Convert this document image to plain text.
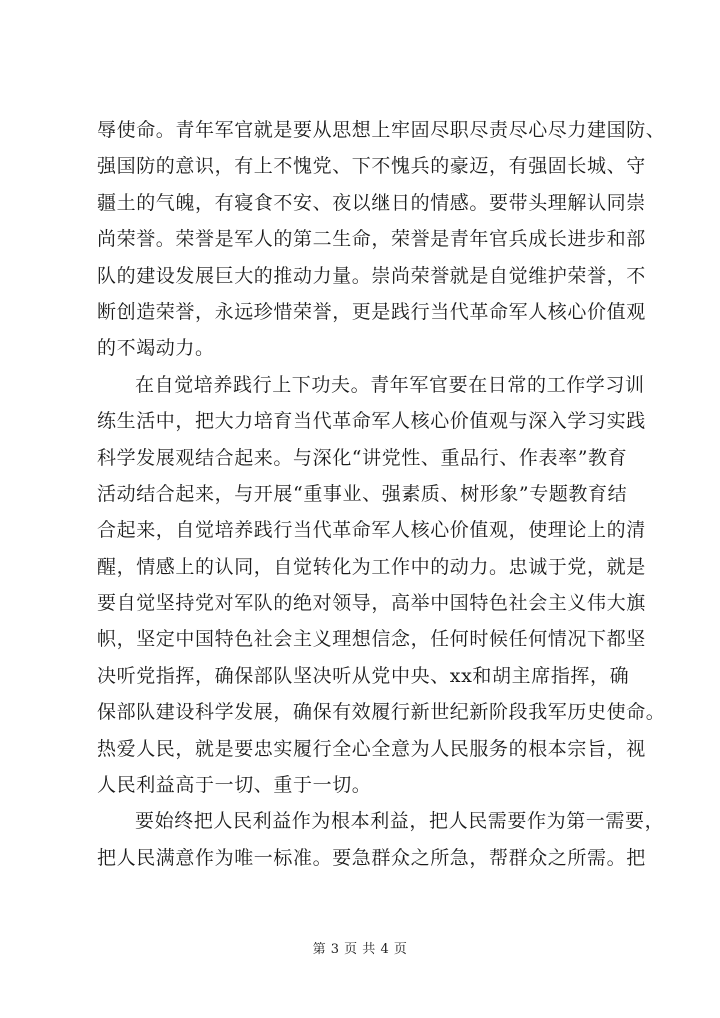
辱使命。青年军官就是要从思想上牢固尽职尽责尽心尽力建国防、
强国防的意识，有上不愧党、下不愧兵的豪迈，有强固长城、守
疆土的气魄，有寝食不安、夜以继日的情感。要带头理解认同崇
尚荣誉。荣誉是军人的第二生命，荣誉是青年官兵成长进步和部
队的建设发展巨大的推动力量。崇尚荣誉就是自觉维护荣誉，不
断创造荣誉，永远珍惜荣誉，更是践行当代革命军人核心价值观
的不竭动力。
在自觉培养践行上下功夫。青年军官要在日常的工作学习训
练生活中，把大力培育当代革命军人核心价值观与深入学习实践
科学发展观结合起来。与深化“讲党性、重品行、作表率”教育
活动结合起来，与开展“重事业、强素质、树形象”专题教育结
合起来，自觉培养践行当代革命军人核心价值观，使理论上的清
醒，情感上的认同，自觉转化为工作中的动力。忠诚于党，就是
要自觉坚持党对军队的绝对领导，高举中国特色社会主义伟大旗
帜，坚定中国特色社会主义理想信念，任何时候任何情况下都坚
决听党指挥，确保部队坚决听从党中央、xx和胡主席指挥，确
保部队建设科学发展，确保有效履行新世纪新阶段我军历史使命。
热爱人民，就是要忠实履行全心全意为人民服务的根本宗旨，视
人民利益高于一切、重于一切。
要始终把人民利益作为根本利益，把人民需要作为第一需要，
把人民满意作为唯一标准。要急群众之所急，帮群众之所需。把
第 3 页 共 4 页
